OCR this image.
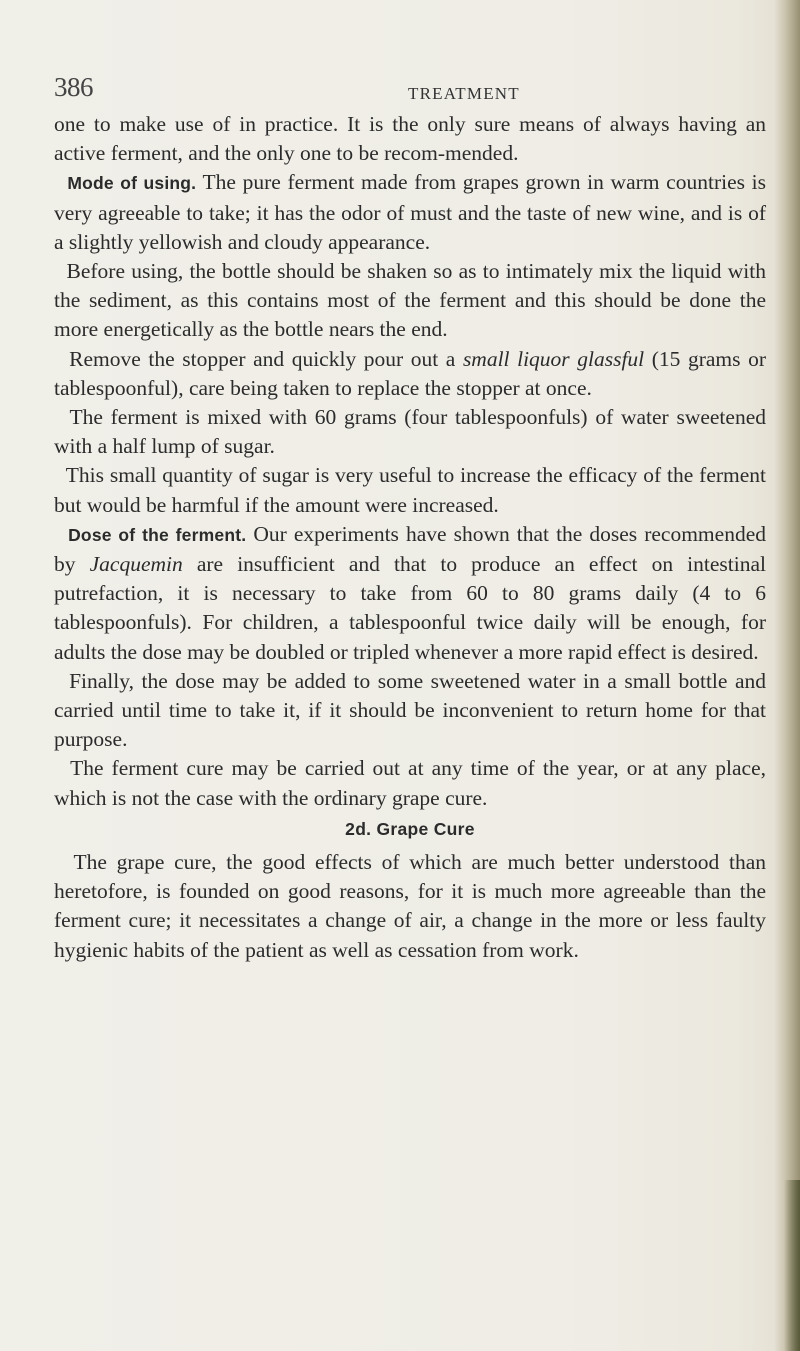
386	TREATMENT

one to make use of in practice. It is the only sure means of always having an active ferment, and the only one to be recom-mended.

Mode of using. The pure ferment made from grapes grown in warm countries is very agreeable to take; it has the odor of must and the taste of new wine, and is of a slightly yellowish and cloudy appearance.

Before using, the bottle should be shaken so as to intimately mix the liquid with the sediment, as this contains most of the ferment and this should be done the more energetically as the bottle nears the end.

Remove the stopper and quickly pour out a small liquor glassful (15 grams or tablespoonful), care being taken to replace the stopper at once.

The ferment is mixed with 60 grams (four tablespoonfuls) of water sweetened with a half lump of sugar.

This small quantity of sugar is very useful to increase the efficacy of the ferment but would be harmful if the amount were increased.

Dose of the ferment. Our experiments have shown that the doses recommended by Jacquemin are insufficient and that to produce an effect on intestinal putrefaction, it is necessary to take from 60 to 80 grams daily (4 to 6 tablespoonfuls). For children, a tablespoonful twice daily will be enough, for adults the dose may be doubled or tripled whenever a more rapid effect is desired.

Finally, the dose may be added to some sweetened water in a small bottle and carried until time to take it, if it should be inconvenient to return home for that purpose.

The ferment cure may be carried out at any time of the year, or at any place, which is not the case with the ordinary grape cure.

2d. Grape Cure

The grape cure, the good effects of which are much better understood than heretofore, is founded on good reasons, for it is much more agreeable than the ferment cure; it necessitates a change of air, a change in the more or less faulty hygienic habits of the patient as well as cessation from work.
